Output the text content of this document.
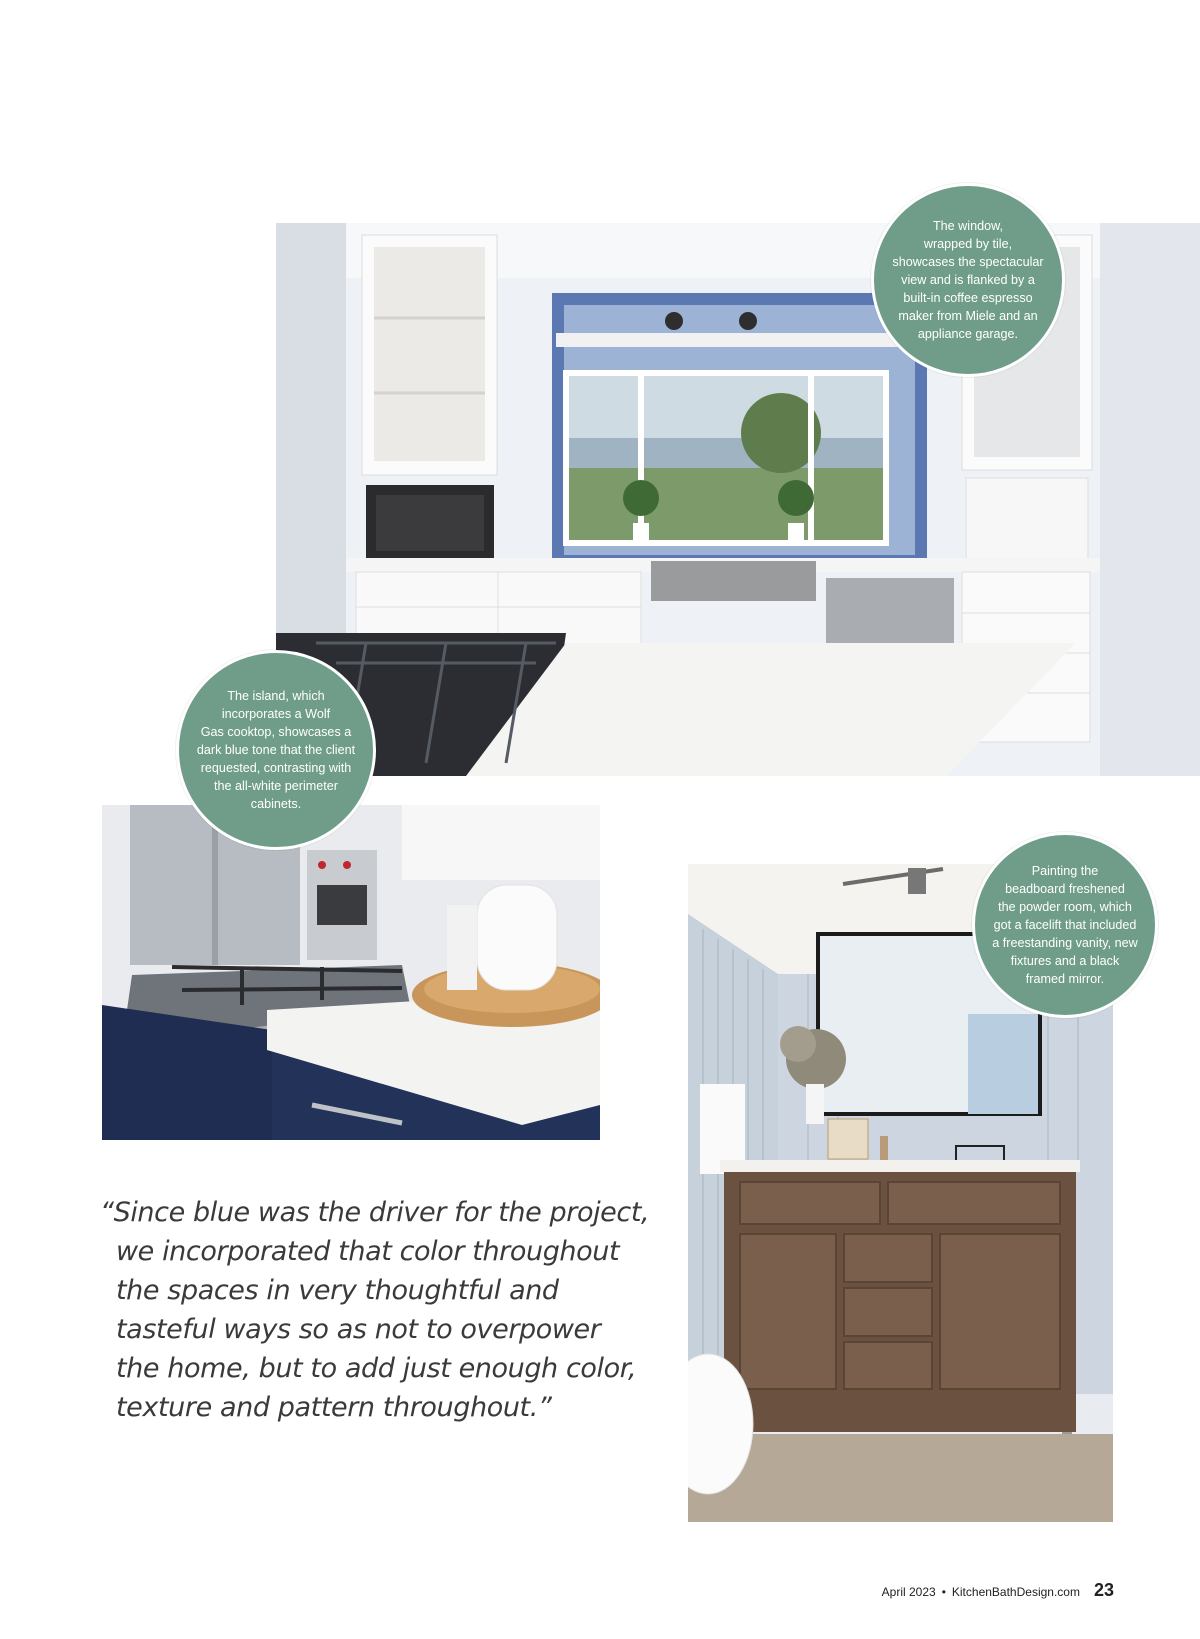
The window,
wrapped by tile,
showcases the spectacular
view and is flanked by a
built-in coffee espresso
maker from Miele and an
appliance garage.
The island, which
incorporates a Wolf
Gas cooktop, showcases a
dark blue tone that the client
requested, contrasting with
the all-white perimeter
cabinets.
Painting the
beadboard freshened
the powder room, which
got a facelift that included
a freestanding vanity, new
fixtures and a black
framed mirror.
“Since blue was the driver for the project,
we incorporated that color throughout
the spaces in very thoughtful and
tasteful ways so as not to overpower
the home, but to add just enough color,
texture and pattern throughout.”
April 2023 • KitchenBathDesign.com 23
